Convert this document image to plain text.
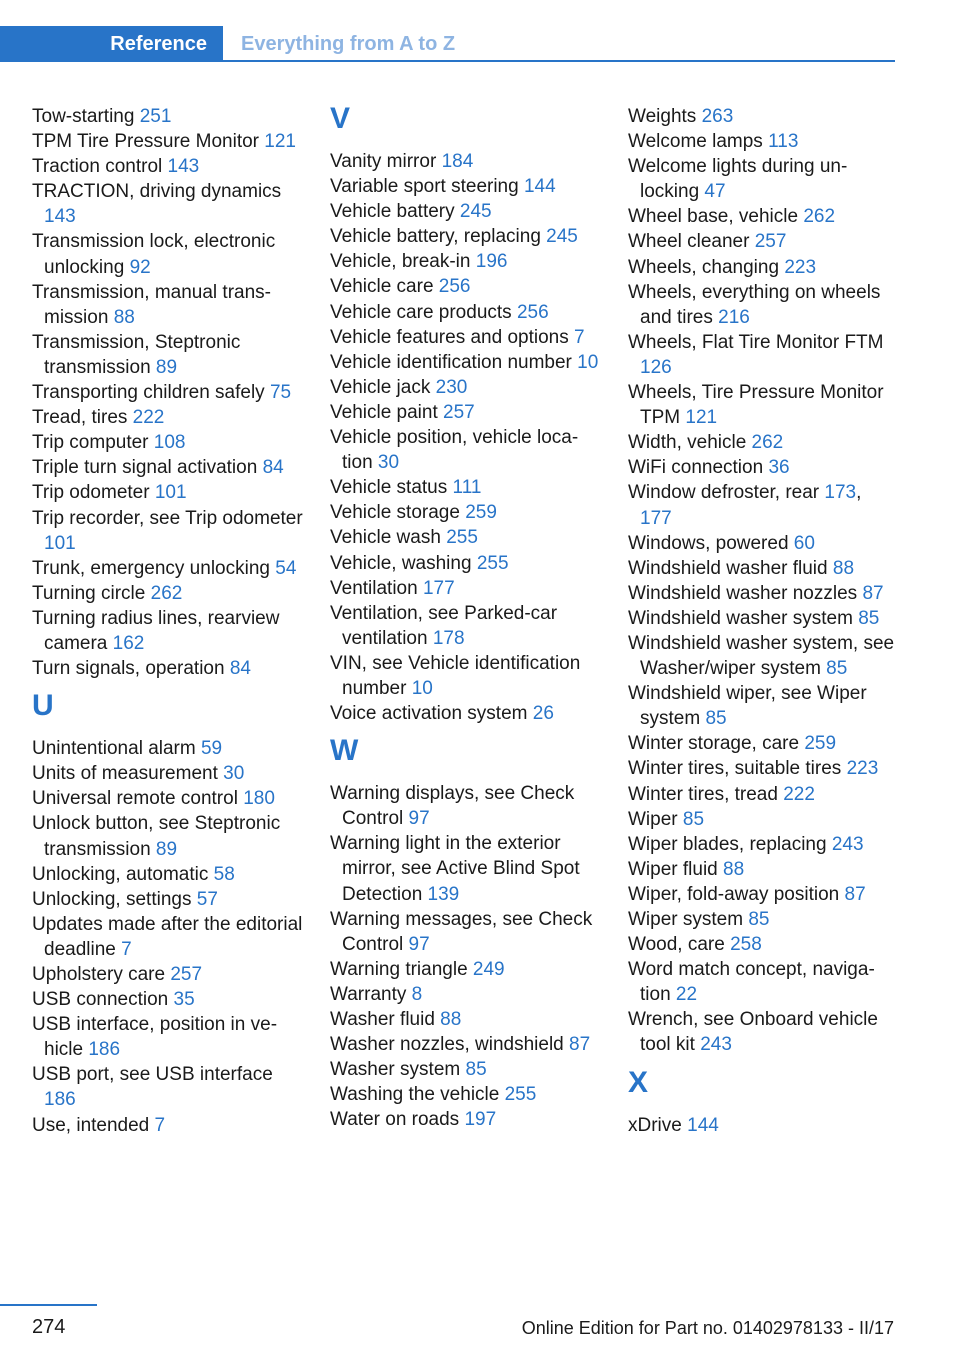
Reference	Everything from A to Z

Tow-starting 251

TPM Tire Pressure Monitor 121

Traction control 143

TRACTION, driving dynamics 143

Transmission lock, electronic unlocking 92

Transmission, manual transmission 88

Transmission, Steptronic transmission 89

Transporting children safely 75

Tread, tires 222

Trip computer 108

Triple turn signal activation 84

Trip odometer 101

Trip recorder, see Trip odometer 101

Trunk, emergency unlocking 54

Turning circle 262

Turning radius lines, rearview camera 162

Turn signals, operation 84

U

Unintentional alarm 59

Units of measurement 30

Universal remote control 180

Unlock button, see Steptronic transmission 89

Unlocking, automatic 58

Unlocking, settings 57

Updates made after the editorial deadline 7

Upholstery care 257

USB connection 35

USB interface, position in vehicle 186

USB port, see USB interface 186

Use, intended 7

V

Vanity mirror 184

Variable sport steering 144

Vehicle battery 245

Vehicle battery, replacing 245

Vehicle, break-in 196

Vehicle care 256

Vehicle care products 256

Vehicle features and options 7

Vehicle identification number 10

Vehicle jack 230

Vehicle paint 257

Vehicle position, vehicle location 30

Vehicle status 111

Vehicle storage 259

Vehicle wash 255

Vehicle, washing 255

Ventilation 177

Ventilation, see Parked-car ventilation 178

VIN, see Vehicle identification number 10

Voice activation system 26

W

Warning displays, see Check Control 97

Warning light in the exterior mirror, see Active Blind Spot Detection 139

Warning messages, see Check Control 97

Warning triangle 249

Warranty 8

Washer fluid 88

Washer nozzles, windshield 87

Washer system 85

Washing the vehicle 255

Water on roads 197

Weights 263

Welcome lamps 113

Welcome lights during unlocking 47

Wheel base, vehicle 262

Wheel cleaner 257

Wheels, changing 223

Wheels, everything on wheels and tires 216

Wheels, Flat Tire Monitor FTM 126

Wheels, Tire Pressure Monitor TPM 121

Width, vehicle 262

WiFi connection 36

Window defroster, rear 173, 177

Windows, powered 60

Windshield washer fluid 88

Windshield washer nozzles 87

Windshield washer system 85

Windshield washer system, see Washer/wiper system 85

Windshield wiper, see Wiper system 85

Winter storage, care 259

Winter tires, suitable tires 223

Winter tires, tread 222

Wiper 85

Wiper blades, replacing 243

Wiper fluid 88

Wiper, fold-away position 87

Wiper system 85

Wood, care 258

Word match concept, navigation 22

Wrench, see Onboard vehicle tool kit 243

X

xDrive 144

274	Online Edition for Part no. 01402978133 - II/17
